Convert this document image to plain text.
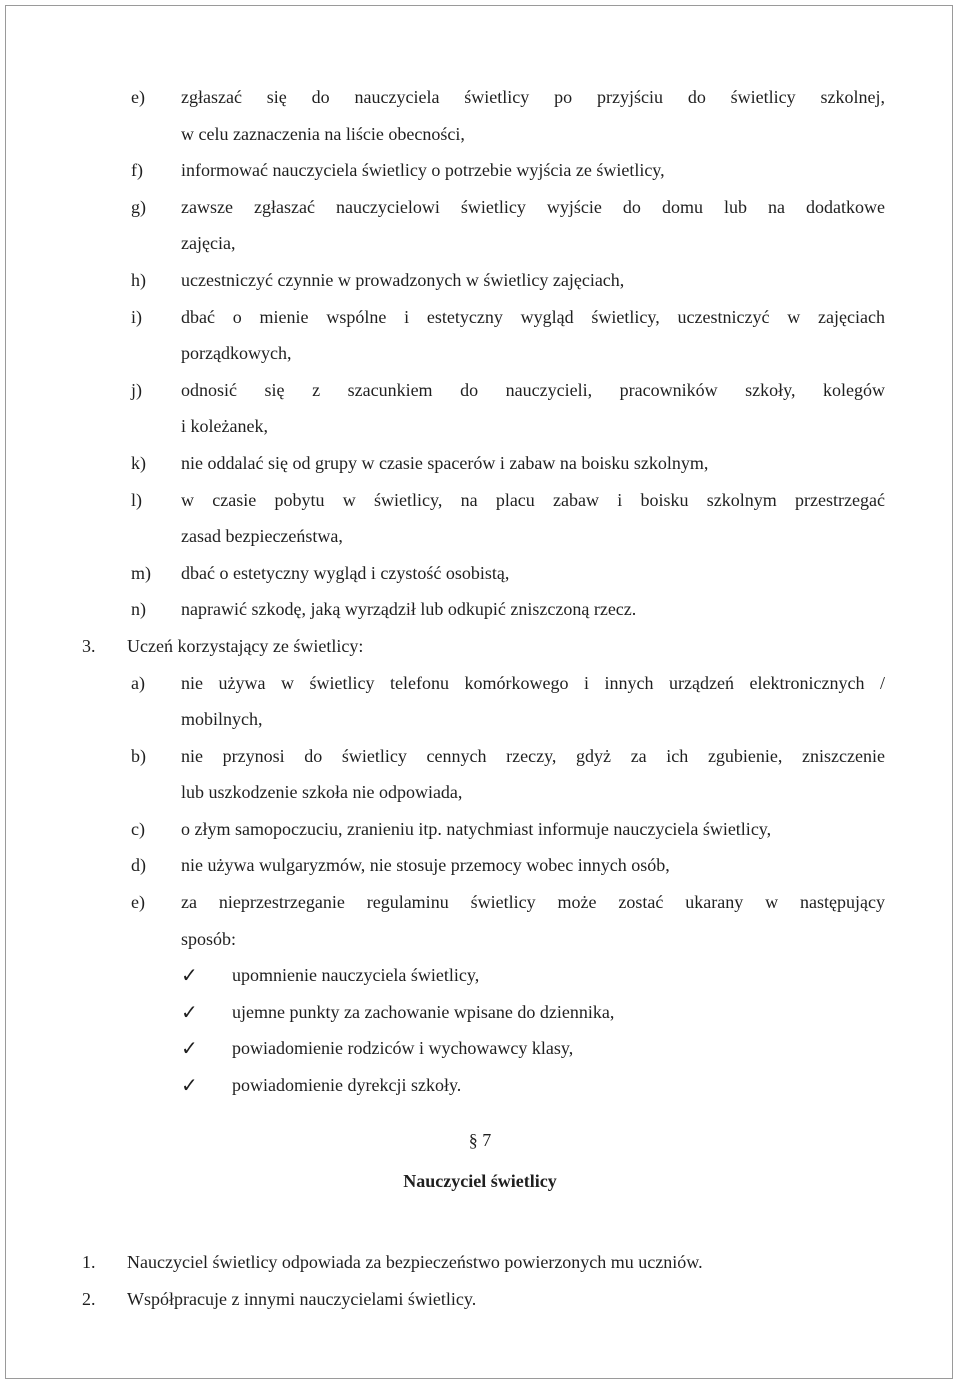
e) zgłaszać się do nauczyciela świetlicy po przyjściu do świetlicy szkolnej,
w celu zaznaczenia na liście obecności,
f) informować nauczyciela świetlicy o potrzebie wyjścia ze świetlicy,
g) zawsze zgłaszać nauczycielowi świetlicy wyjście do domu lub na dodatkowe
zajęcia,
h) uczestniczyć czynnie w prowadzonych w świetlicy zajęciach,
i) dbać o mienie wspólne i estetyczny wygląd świetlicy, uczestniczyć w zajęciach
porządkowych,
j) odnosić się z szacunkiem do nauczycieli, pracowników szkoły, kolegów
i koleżanek,
k) nie oddalać się od grupy w czasie spacerów i zabaw na boisku szkolnym,
l) w czasie pobytu w świetlicy, na placu zabaw i boisku szkolnym przestrzegać
zasad bezpieczeństwa,
m) dbać o estetyczny wygląd i czystość osobistą,
n) naprawić szkodę, jaką wyrządził lub odkupić zniszczoną rzecz.
3. Uczeń korzystający ze świetlicy:
a) nie używa w świetlicy telefonu komórkowego i innych urządzeń elektronicznych /
mobilnych,
b) nie przynosi do świetlicy cennych rzeczy, gdyż za ich zgubienie, zniszczenie
lub uszkodzenie szkoła nie odpowiada,
c) o złym samopoczuciu, zranieniu itp. natychmiast informuje nauczyciela świetlicy,
d) nie używa wulgaryzmów, nie stosuje przemocy wobec innych osób,
e) za nieprzestrzeganie regulaminu świetlicy może zostać ukarany w następujący
sposób:
✓ upomnienie nauczyciela świetlicy,
✓ ujemne punkty za zachowanie wpisane do dziennika,
✓ powiadomienie rodziców i wychowawcy klasy,
✓ powiadomienie dyrekcji szkoły.
§ 7
Nauczyciel świetlicy
1. Nauczyciel świetlicy odpowiada za bezpieczeństwo powierzonych mu uczniów.
2. Współpracuje z innymi nauczycielami świetlicy.
